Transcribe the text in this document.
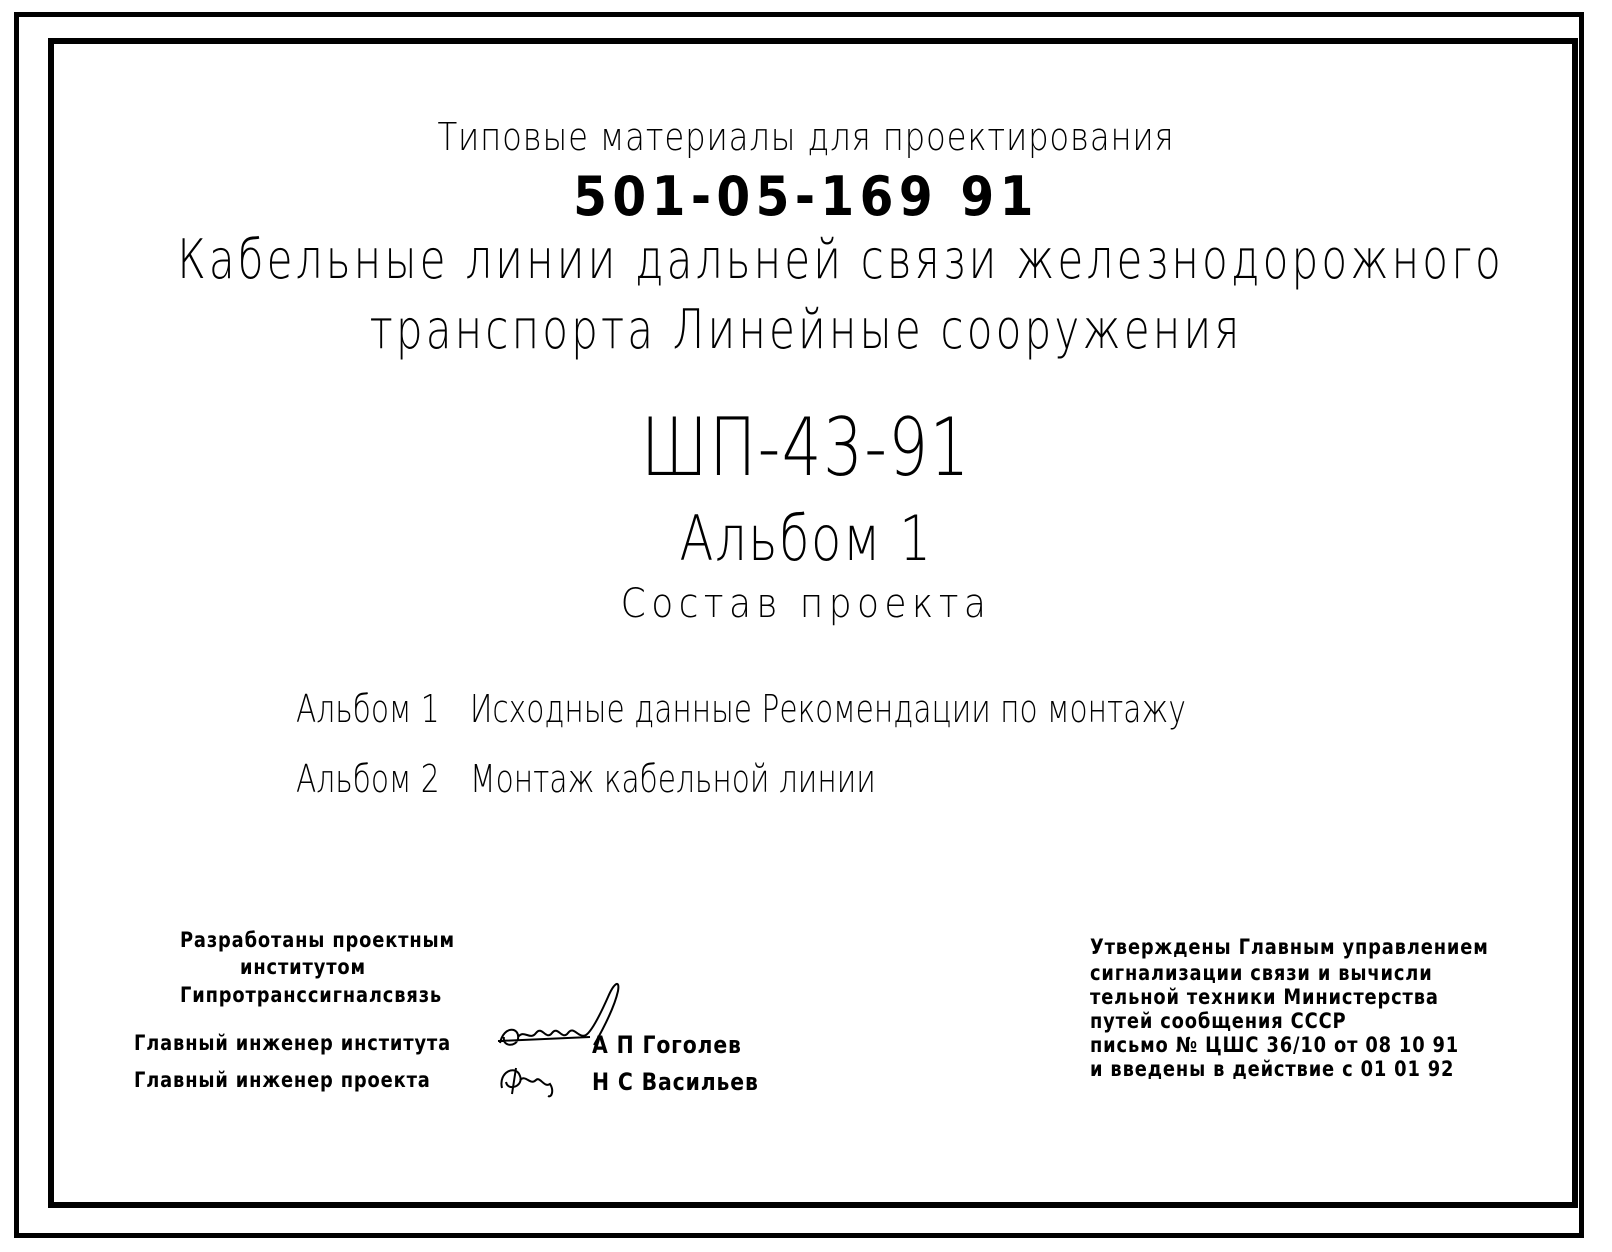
Типовые материалы для проектирования
501-05-169 91
Кабельные линии дальней связи железнодорожного
транспорта Линейные сооружения
ШП-43-91
Альбом 1
Состав проекта
Альбом 1 Исходные данные Рекомендации по монтажу
Альбом 2 Монтаж кабельной линии
Разработаны проектным
институтом
Гипротранссигналсвязь
Главный инженер института	А П Гоголев
Главный инженер проекта	Н С Васильев
Утверждены Главным управлением
сигнализации связи и вычисли
тельной техники Министерства
путей сообщения СССР
письмо № ЦШС 36/10 от 08 10 91
и введены в действие с 01 01 92
